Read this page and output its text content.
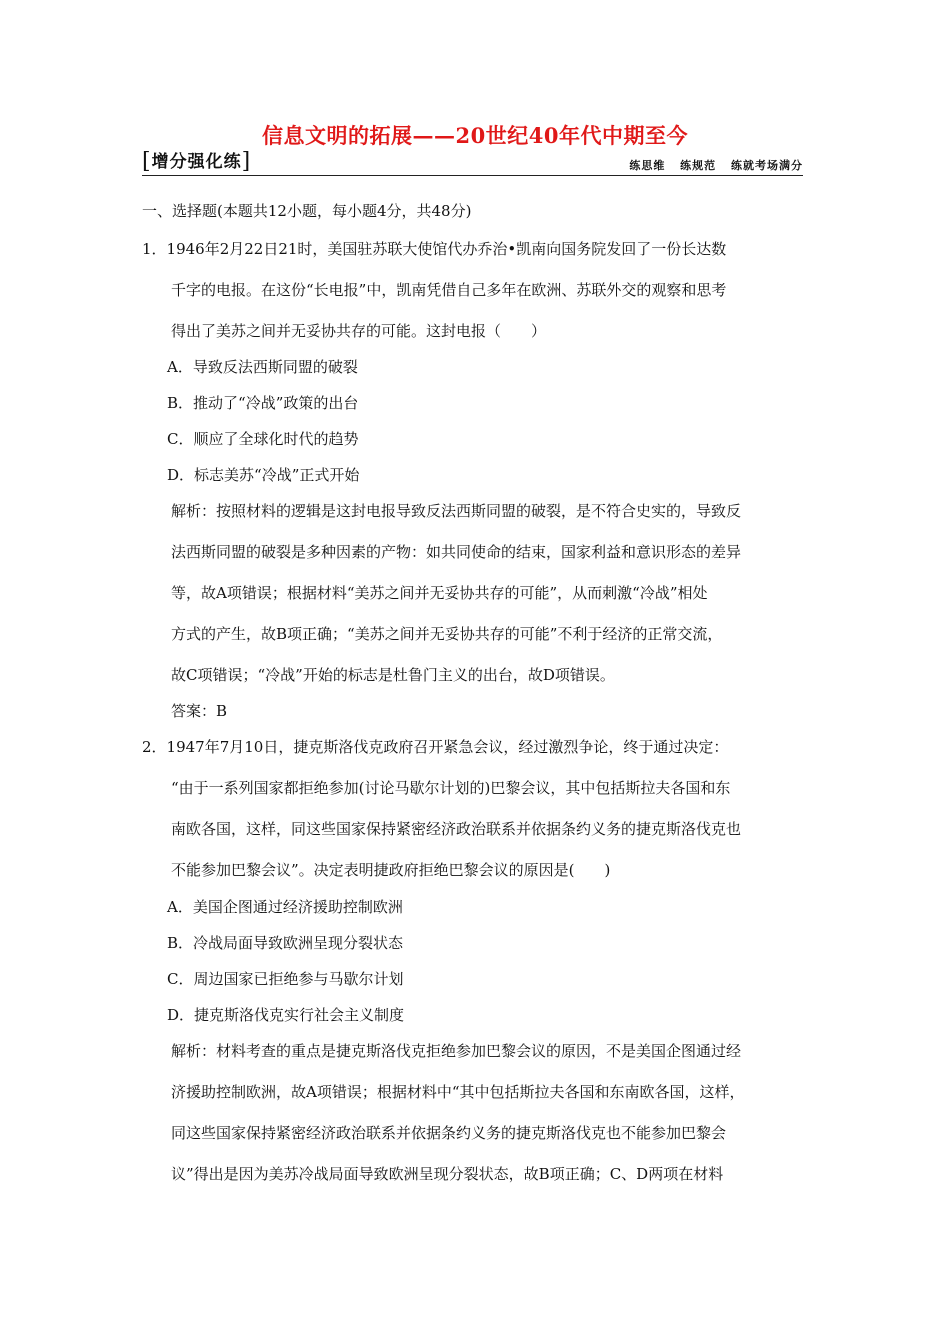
信息文明的拓展——20世纪40年代中期至今
[增分强化练]	练思维 练规范 练就考场满分
一、选择题(本题共12小题，每小题4分，共48分)
1．1946年2月22日21时，美国驻苏联大使馆代办乔治•凯南向国务院发回了一份长达数
千字的电报。在这份“长电报”中，凯南凭借自己多年在欧洲、苏联外交的观察和思考
得出了美苏之间并无妥协共存的可能。这封电报（　　）
A．导致反法西斯同盟的破裂
B．推动了“冷战”政策的出台
C．顺应了全球化时代的趋势
D．标志美苏“冷战”正式开始
解析：按照材料的逻辑是这封电报导致反法西斯同盟的破裂，是不符合史实的，导致反
法西斯同盟的破裂是多种因素的产物：如共同使命的结束，国家利益和意识形态的差异
等，故A项错误；根据材料“美苏之间并无妥协共存的可能”，从而刺激“冷战”相处
方式的产生，故B项正确；“美苏之间并无妥协共存的可能”不利于经济的正常交流，
故C项错误；“冷战”开始的标志是杜鲁门主义的出台，故D项错误。
答案：B
2．1947年7月10日，捷克斯洛伐克政府召开紧急会议，经过激烈争论，终于通过决定：
“由于一系列国家都拒绝参加(讨论马歇尔计划的)巴黎会议，其中包括斯拉夫各国和东
南欧各国，这样，同这些国家保持紧密经济政治联系并依据条约义务的捷克斯洛伐克也
不能参加巴黎会议”。决定表明捷政府拒绝巴黎会议的原因是(　　)
A．美国企图通过经济援助控制欧洲
B．冷战局面导致欧洲呈现分裂状态
C．周边国家已拒绝参与马歇尔计划
D．捷克斯洛伐克实行社会主义制度
解析：材料考查的重点是捷克斯洛伐克拒绝参加巴黎会议的原因，不是美国企图通过经
济援助控制欧洲，故A项错误；根据材料中“其中包括斯拉夫各国和东南欧各国，这样，
同这些国家保持紧密经济政治联系并依据条约义务的捷克斯洛伐克也不能参加巴黎会
议”得出是因为美苏冷战局面导致欧洲呈现分裂状态，故B项正确；C、D两项在材料
